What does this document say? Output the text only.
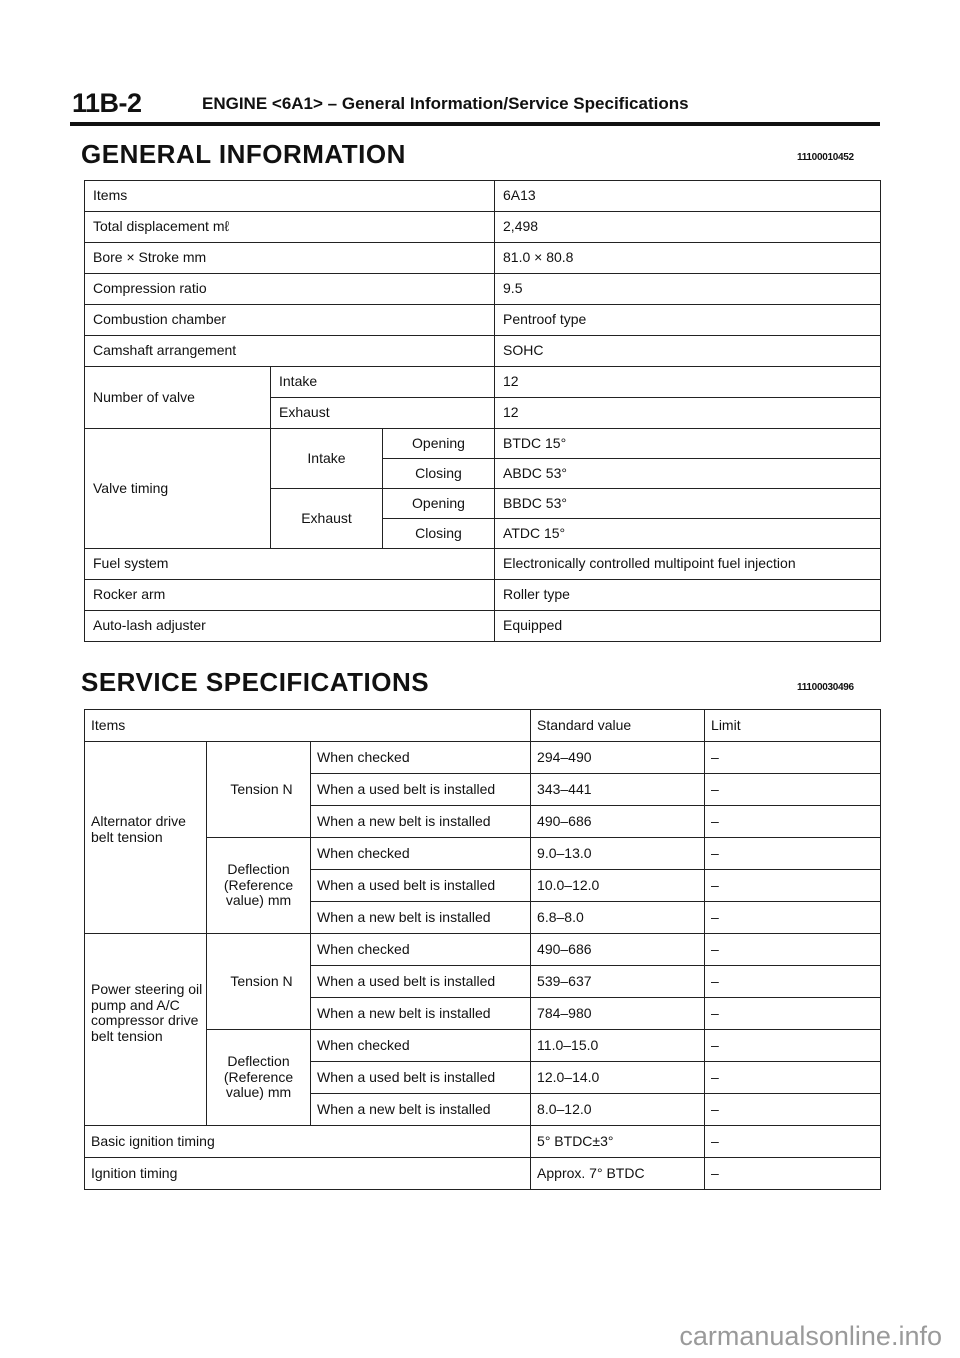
11B-2	ENGINE <6A1> – General Information/Service Specifications
GENERAL INFORMATION	11100010452
Items			6A13
Total displacement mℓ			2,498
Bore × Stroke mm			81.0 × 80.8
Compression ratio			9.5
Combustion chamber			Pentroof type
Camshaft arrangement			SOHC
Number of valve	Intake		12
	Exhaust		12
Valve timing	Intake	Opening	BTDC 15°
		Closing	ABDC 53°
	Exhaust	Opening	BBDC 53°
		Closing	ATDC 15°
Fuel system			Electronically controlled multipoint fuel injection
Rocker arm			Roller type
Auto-lash adjuster			Equipped
SERVICE SPECIFICATIONS	11100030496
Items			Standard value	Limit
Alternator drive belt tension	Tension N	When checked	294–490	–
		When a used belt is installed	343–441	–
		When a new belt is installed	490–686	–
	Deflection (Reference value) mm	When checked	9.0–13.0	–
		When a used belt is installed	10.0–12.0	–
		When a new belt is installed	6.8–8.0	–
Power steering oil pump and A/C compressor drive belt tension	Tension N	When checked	490–686	–
		When a used belt is installed	539–637	–
		When a new belt is installed	784–980	–
	Deflection (Reference value) mm	When checked	11.0–15.0	–
		When a used belt is installed	12.0–14.0	–
		When a new belt is installed	8.0–12.0	–
Basic ignition timing			5° BTDC±3°	–
Ignition timing			Approx. 7° BTDC	–
carmanualsonline.info
